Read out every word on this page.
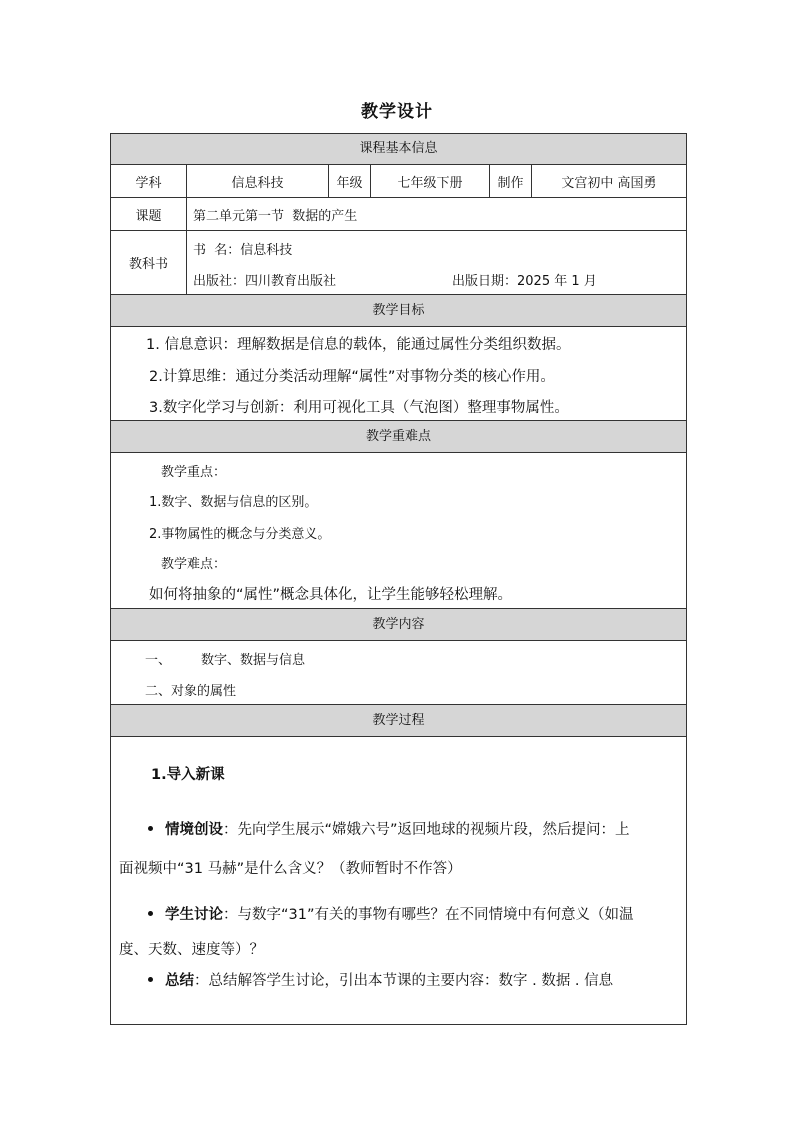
教学设计
课程基本信息
学科	信息科技	年级	七年级下册	制作	文宫初中 高国勇
课题 第二单元第一节  数据的产生
教科书
书  名：信息科技
出版社：四川教育出版社	出版日期：2025 年 1 月
教学目标
1. 信息意识：理解数据是信息的载体，能通过属性分类组织数据。
2.计算思维：通过分类活动理解“属性”对事物分类的核心作用。
3.数字化学习与创新：利用可视化工具（气泡图）整理事物属性。
教学重难点
教学重点：
1.数字、数据与信息的区别。
2.事物属性的概念与分类意义。
教学难点：
如何将抽象的“属性”概念具体化，让学生能够轻松理解。
教学内容
一、 数字、数据与信息
二、对象的属性
教学过程
1.导入新课
情境创设：先向学生展示“嫦娥六号”返回地球的视频片段，然后提问：上
面视频中“31 马赫”是什么含义？（教师暂时不作答）
学生讨论：与数字“31”有关的事物有哪些？在不同情境中有何意义（如温
度、天数、速度等）？
总结：总结解答学生讨论，引出本节课的主要内容：数字 . 数据 . 信息
